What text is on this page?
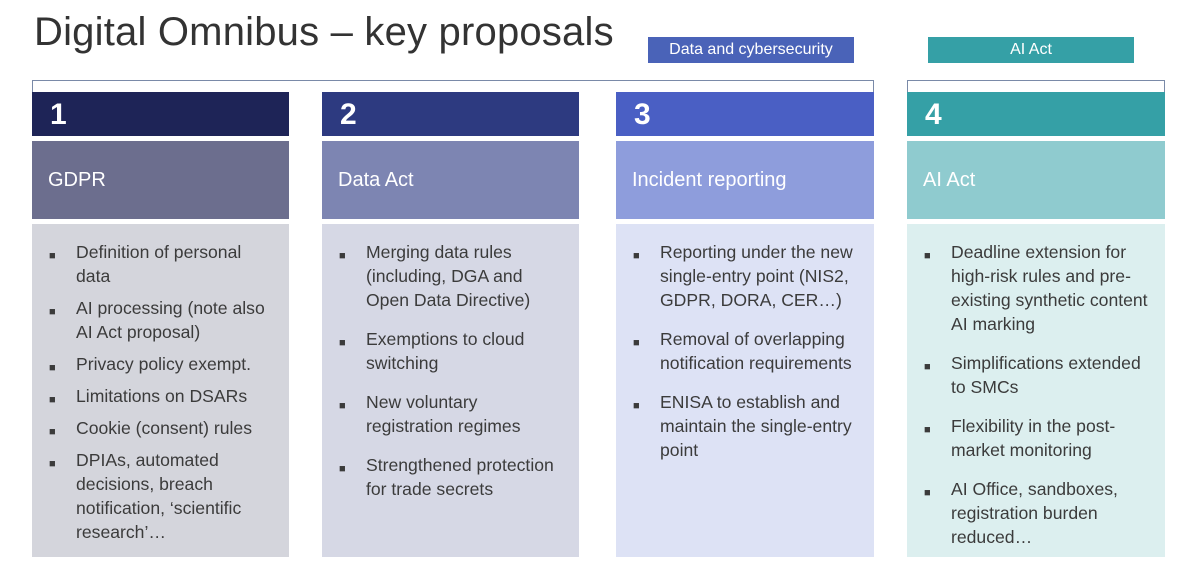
Digital Omnibus – key proposals	Data and cybersecurity	AI Act
1
GDPR
■ Definition of personal data
■ AI processing (note also AI Act proposal)
■ Privacy policy exempt.
■ Limitations on DSARs
■ Cookie (consent) rules
■ DPIAs, automated decisions, breach notification, ‘scientific research’…
2
Data Act
■ Merging data rules (including, DGA and Open Data Directive)
■ Exemptions to cloud switching
■ New voluntary registration regimes
■ Strengthened protection for trade secrets
3
Incident reporting
■ Reporting under the new single-entry point (NIS2, GDPR, DORA, CER…)
■ Removal of overlapping notification requirements
■ ENISA to establish and maintain the single-entry point
4
AI Act
■ Deadline extension for high-risk rules and pre-existing synthetic content AI marking
■ Simplifications extended to SMCs
■ Flexibility in the post-market monitoring
■ AI Office, sandboxes, registration burden reduced…
